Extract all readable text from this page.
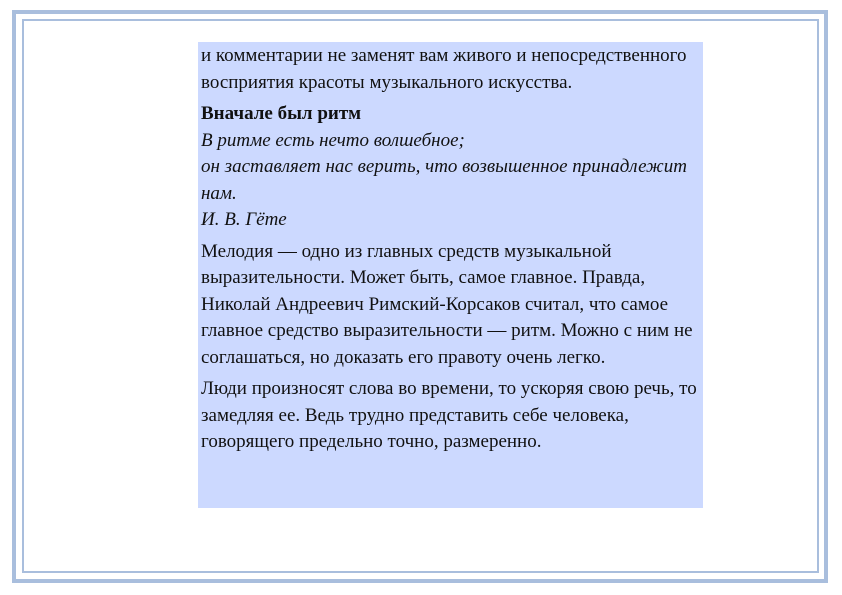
и комментарии не заменят вам живого и непосредственного восприятия красоты музыкального искусства.

Вначале был ритм

В ритме есть нечто волшебное;
он заставляет нас верить, что возвышенное принадлежит нам.
И. В. Гёте

Мелодия — одно из главных средств музыкальной выразительности. Может быть, самое главное. Правда, Николай Андреевич Римский-Корсаков считал, что самое главное средство выразительности — ритм. Можно с ним не соглашаться, но доказать его правоту очень легко.

Люди произносят слова во времени, то ускоряя свою речь, то замедляя ее. Ведь трудно представить себе человека, говорящего предельно точно, размеренно.
